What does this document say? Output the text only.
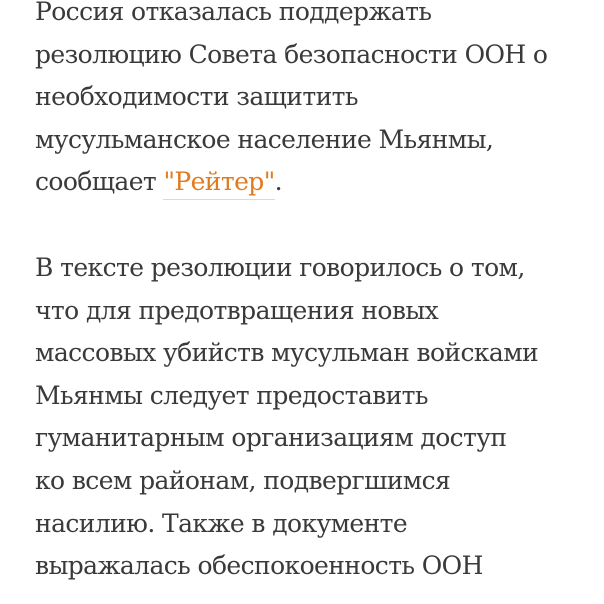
Россия отказалась поддержать
резолюцию Совета безопасности ООН о
необходимости защитить
мусульманское население Мьянмы,
сообщает "Рейтер".

В тексте резолюции говорилось о том,
что для предотвращения новых
массовых убийств мусульман войсками
Мьянмы следует предоставить
гуманитарным организациям доступ
ко всем районам, подвергшимся
насилию. Также в документе
выражалась обеспокоенность ООН
